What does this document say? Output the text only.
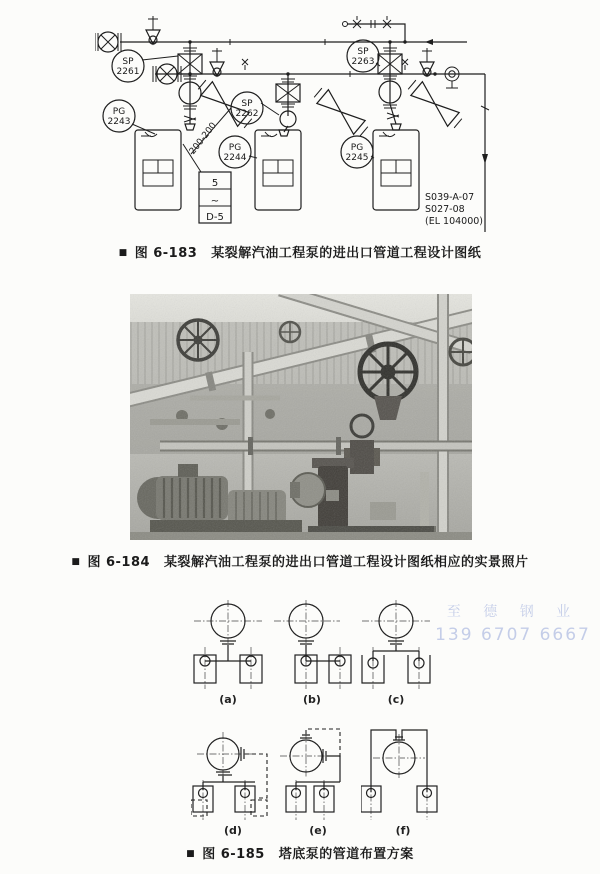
200-200
SP
2261
PG
2243
SP
2262
PG
2244
SP
2263
PG
2245
5
~
D-5
S039-A-07
S027-08
(EL 104000)
■ 图 6-183 某裂解汽油工程泵的进出口管道工程设计图纸
■ 图 6-184 某裂解汽油工程泵的进出口管道工程设计图纸相应的实景照片
至 德 钢 业
139 6707 6667
(a)	(b)	(c)
(d)	(e)	(f)
■ 图 6-185 塔底泵的管道布置方案
